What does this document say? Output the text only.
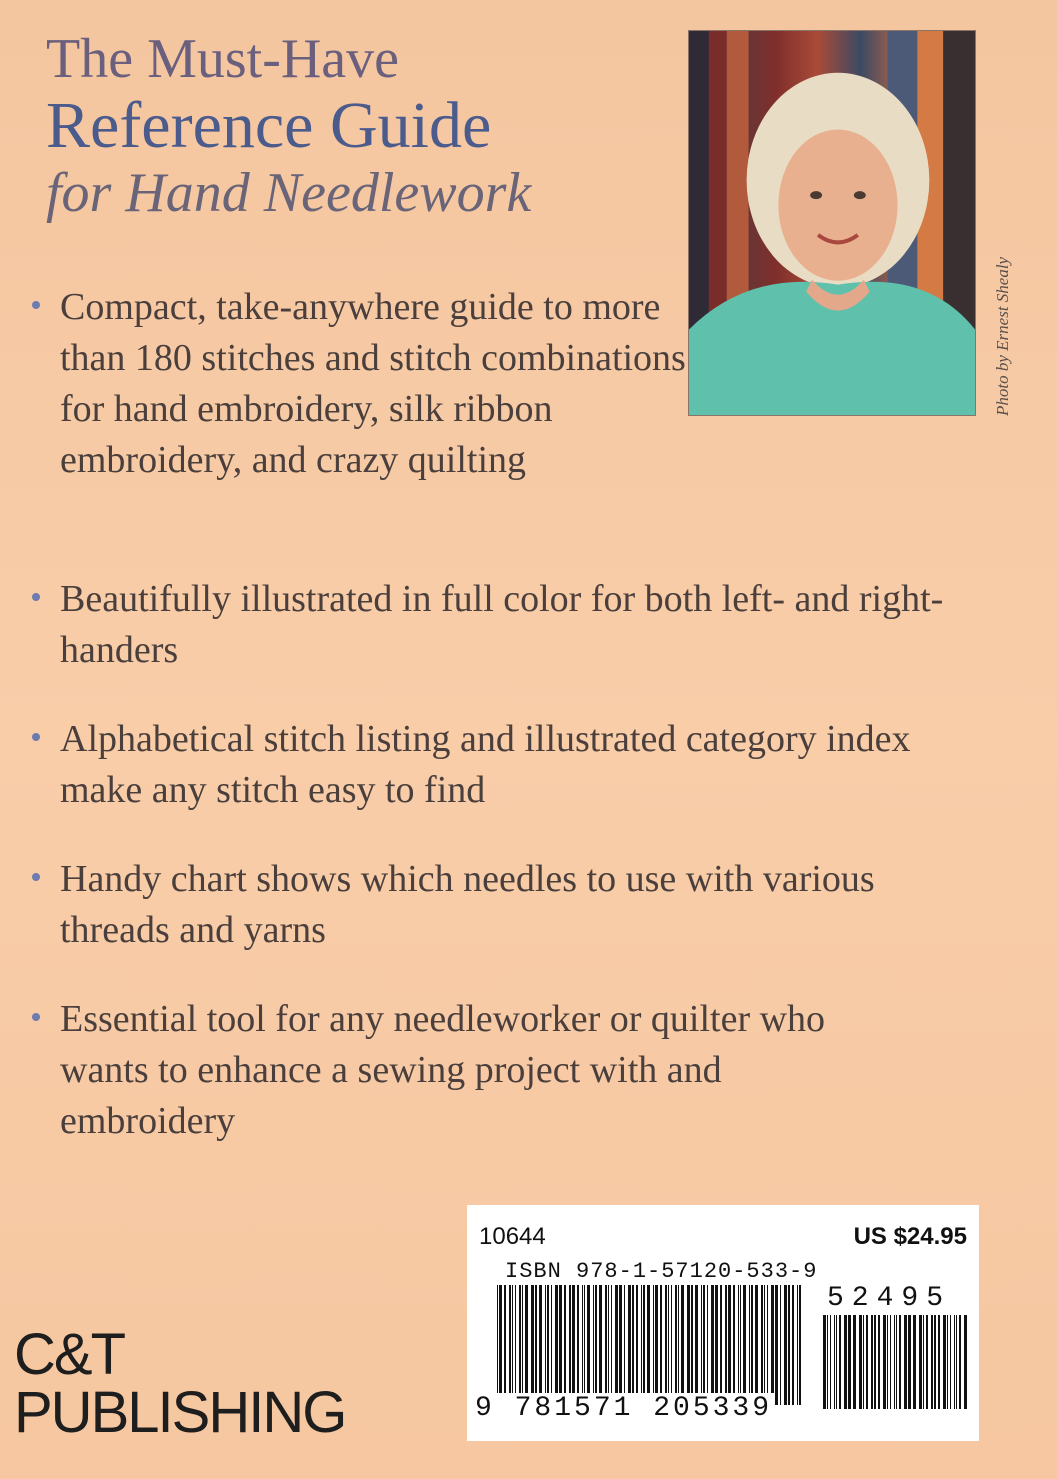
The Must-Have
Reference Guide
for Hand Needlework
Photo by Ernest Shealy
Compact, take-anywhere guide to more than 180 stitches and stitch combinations for hand embroidery, silk ribbon embroidery, and crazy quilting
Beautifully illustrated in full color for both left- and right-handers
Alphabetical stitch listing and illustrated category index make any stitch easy to find
Handy chart shows which needles to use with various threads and yarns
Essential tool for any needleworker or quilter who wants to enhance a sewing project with and embroidery
C&T
PUBLISHING
10644	US $24.95
ISBN 978-1-57120-533-9
9 781571 205339
52495
